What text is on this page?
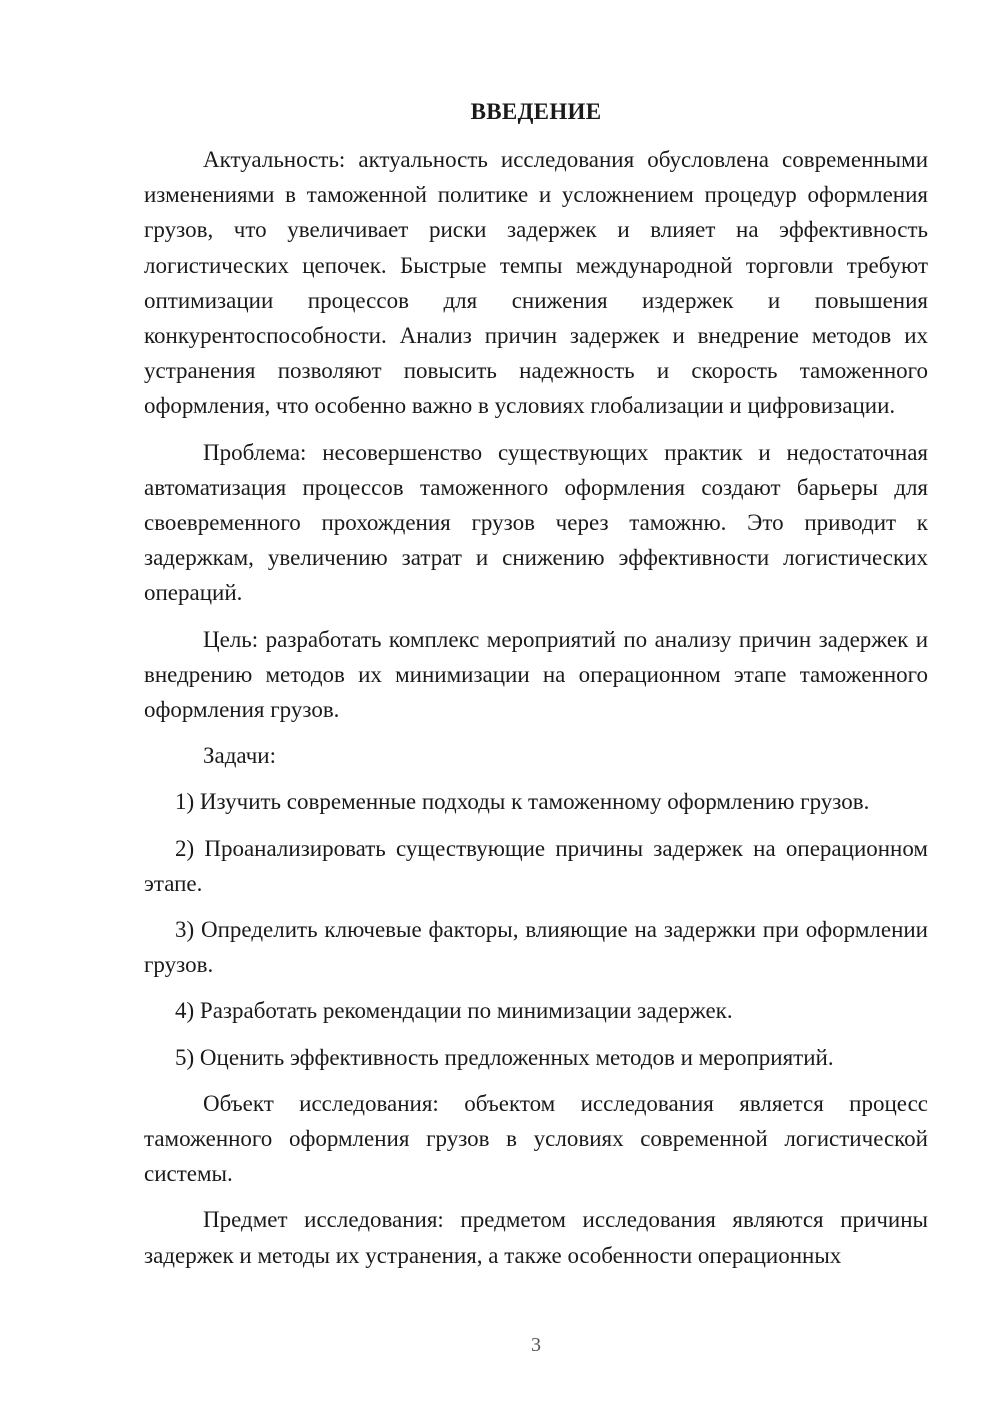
ВВЕДЕНИЕ

Актуальность: актуальность исследования обусловлена современными изменениями в таможенной политике и усложнением процедур оформления грузов, что увеличивает риски задержек и влияет на эффективность логистических цепочек. Быстрые темпы международной торговли требуют оптимизации процессов для снижения издержек и повышения конкурентоспособности. Анализ причин задержек и внедрение методов их устранения позволяют повысить надежность и скорость таможенного оформления, что особенно важно в условиях глобализации и цифровизации.

Проблема: несовершенство существующих практик и недостаточная автоматизация процессов таможенного оформления создают барьеры для своевременного прохождения грузов через таможню. Это приводит к задержкам, увеличению затрат и снижению эффективности логистических операций.

Цель: разработать комплекс мероприятий по анализу причин задержек и внедрению методов их минимизации на операционном этапе таможенного оформления грузов.

Задачи:

1) Изучить современные подходы к таможенному оформлению грузов.

2) Проанализировать существующие причины задержек на операционном этапе.

3) Определить ключевые факторы, влияющие на задержки при оформлении грузов.

4) Разработать рекомендации по минимизации задержек.

5) Оценить эффективность предложенных методов и мероприятий.

Объект исследования: объектом исследования является процесс таможенного оформления грузов в условиях современной логистической системы.

Предмет исследования: предметом исследования являются причины задержек и методы их устранения, а также особенности операционных

3
